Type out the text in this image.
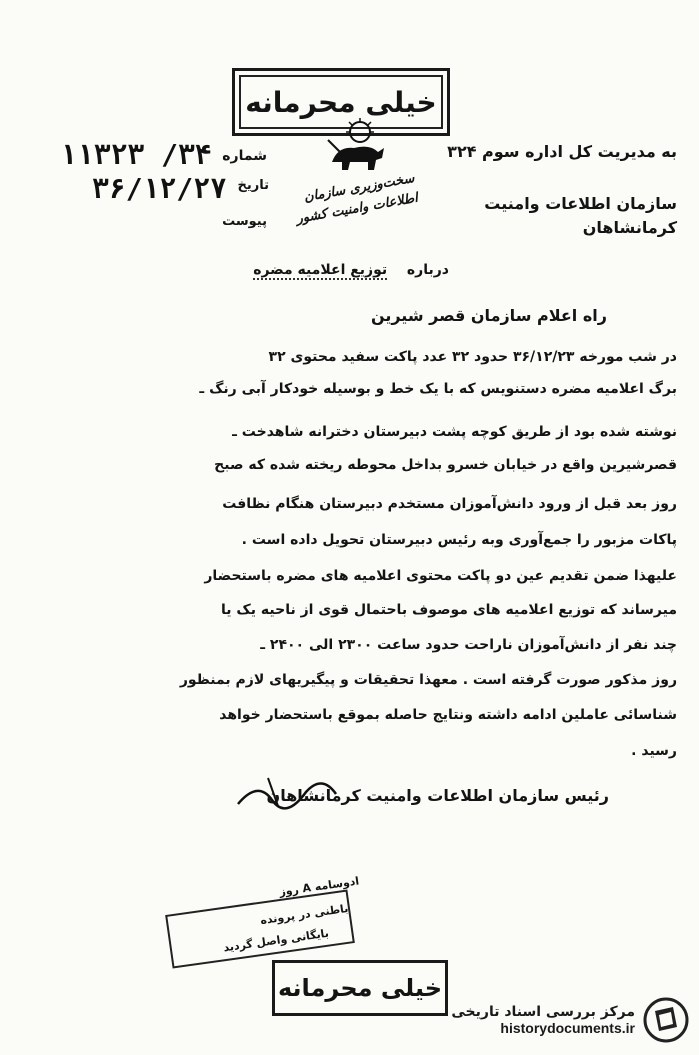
خیلی محرمانه
به مدیریت کل اداره سوم ۳۲۴
شماره
۱۱۳۲۳ /۳۴
تاریخ
۳۶/۱۲/۲۷
پیوست
سازمان اطلاعات وامنیت
کرمانشاهان
سخت‌وزیری سازمان اطلاعات وامنیت کشور
درباره  توزیع اعلامیه مضره
راه اعلام سازمان قصر شیرین
در شب مورخه ۳۶/۱۲/۲۳ حدود ۳۲ عدد پاکت سفید محتوی ۳۲
برگ اعلامیه مضره دستنویس که با یک خط و بوسیله خودکار آبی رنگ ـ
نوشته شده بود از طریق کوچه پشت دبیرستان دخترانه شاهدخت ـ
قصرشیرین واقع در خیابان خسرو بداخل محوطه ریخته شده که صبح
روز بعد قبل از ورود دانش‌آموزان مستخدم دبیرستان هنگام نظافت
پاکات مزبور را جمع‌آوری وبه رئیس دبیرستان تحویل داده است .
علیهذا ضمن تقدیم عین دو پاکت محتوی اعلامیه های مضره باستحضار
میرساند که توزیع اعلامیه های موصوف باحتمال قوی از ناحیه یک یا
چند نفر از دانش‌آموزان ناراحت حدود ساعت ۲۳۰۰ الی ۲۴۰۰ ـ
روز مذکور صورت گرفته است . معهذا تحقیقات و پیگیریهای لازم بمنظور
شناسائی عاملین ادامه داشته ونتایج حاصله بموقع باستحضار خواهد
رسید .
رئیس سازمان اطلاعات وامنیت کرمانشاهان
ادوسامه A روز
باطنی در پرونده
بایگانی واصل گردید
خیلی محرمانه
مرکز بررسی اسناد تاریخی
historydocuments.ir
